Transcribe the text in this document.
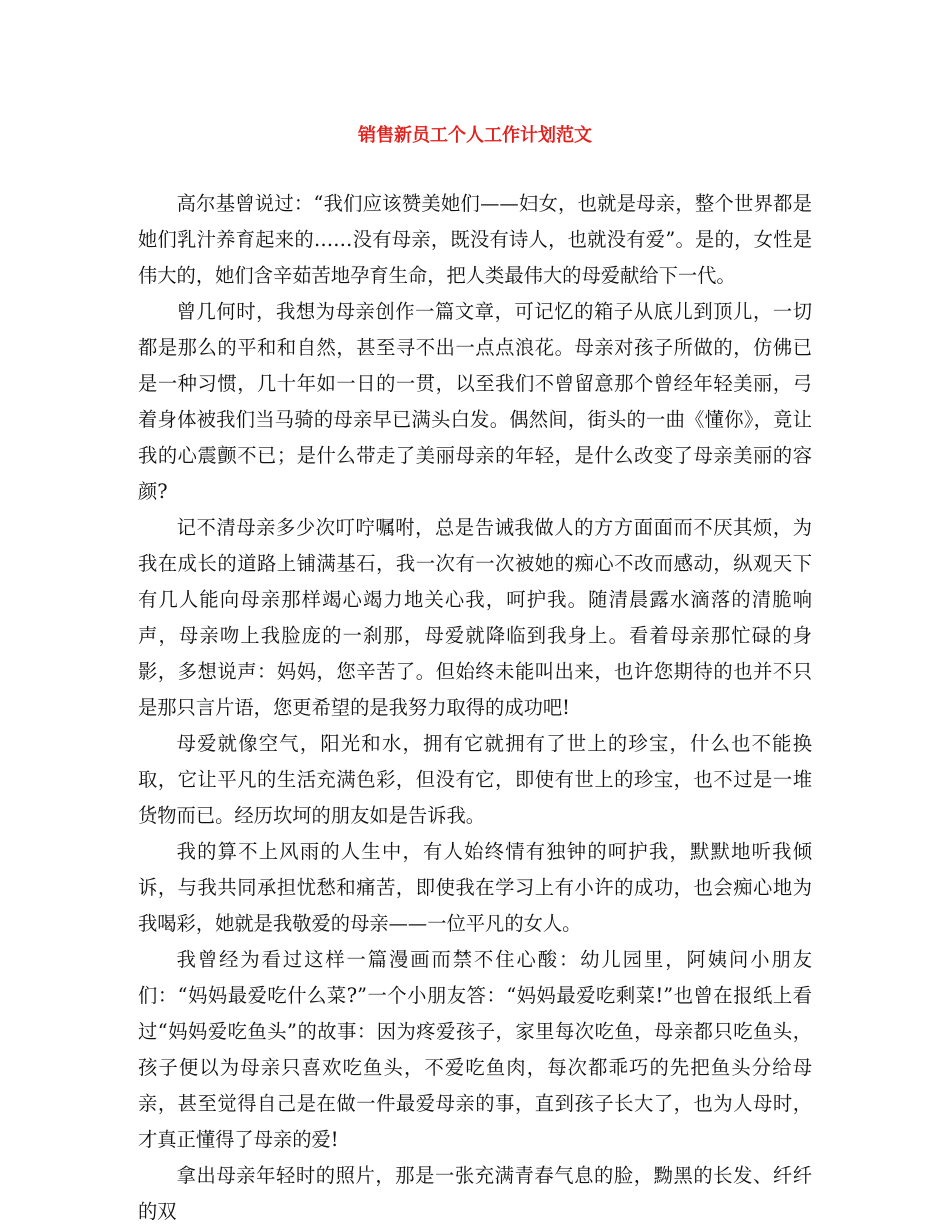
销售新员工个人工作计划范文

高尔基曾说过：“我们应该赞美她们——妇女，也就是母亲，整个世界都是她们乳汁养育起来的……没有母亲，既没有诗人，也就没有爱”。是的，女性是伟大的，她们含辛茹苦地孕育生命，把人类最伟大的母爱献给下一代。

曾几何时，我想为母亲创作一篇文章，可记忆的箱子从底儿到顶儿，一切都是那么的平和和自然，甚至寻不出一点点浪花。母亲对孩子所做的，仿佛已是一种习惯，几十年如一日的一贯，以至我们不曾留意那个曾经年轻美丽，弓着身体被我们当马骑的母亲早已满头白发。偶然间，街头的一曲《懂你》，竟让我的心震颤不已；是什么带走了美丽母亲的年轻，是什么改变了母亲美丽的容颜?

记不清母亲多少次叮咛嘱咐，总是告诫我做人的方方面面而不厌其烦，为我在成长的道路上铺满基石，我一次有一次被她的痴心不改而感动，纵观天下有几人能向母亲那样竭心竭力地关心我，呵护我。随清晨露水滴落的清脆响声，母亲吻上我脸庞的一刹那，母爱就降临到我身上。看着母亲那忙碌的身影，多想说声：妈妈，您辛苦了。但始终未能叫出来，也许您期待的也并不只是那只言片语，您更希望的是我努力取得的成功吧!

母爱就像空气，阳光和水，拥有它就拥有了世上的珍宝，什么也不能换取，它让平凡的生活充满色彩，但没有它，即使有世上的珍宝，也不过是一堆货物而已。经历坎坷的朋友如是告诉我。

我的算不上风雨的人生中，有人始终情有独钟的呵护我，默默地听我倾诉，与我共同承担忧愁和痛苦，即使我在学习上有小许的成功，也会痴心地为我喝彩，她就是我敬爱的母亲——一位平凡的女人。

我曾经为看过这样一篇漫画而禁不住心酸：幼儿园里，阿姨问小朋友们：“妈妈最爱吃什么菜?”一个小朋友答：“妈妈最爱吃剩菜!”也曾在报纸上看过“妈妈爱吃鱼头”的故事：因为疼爱孩子，家里每次吃鱼，母亲都只吃鱼头，孩子便以为母亲只喜欢吃鱼头，不爱吃鱼肉，每次都乖巧的先把鱼头分给母亲，甚至觉得自己是在做一件最爱母亲的事，直到孩子长大了，也为人母时，才真正懂得了母亲的爱!

拿出母亲年轻时的照片，那是一张充满青春气息的脸，黝黑的长发、纤纤的双
